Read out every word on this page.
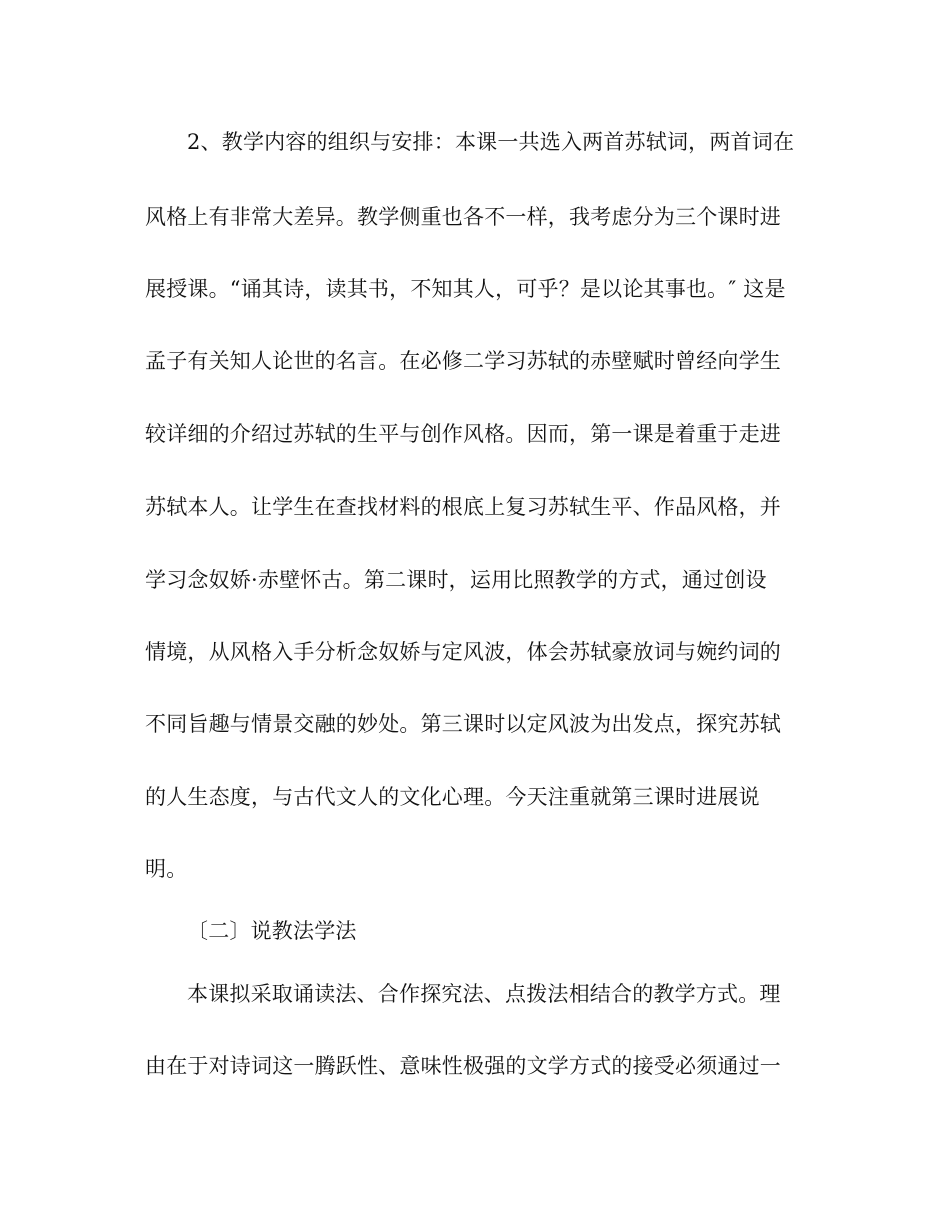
2、教学内容的组织与安排：本课一共选入两首苏轼词，两首词在
风格上有非常大差异。教学侧重也各不一样，我考虑分为三个课时进
展授课。“诵其诗，读其书，不知其人，可乎？是以论其事也。″ 这是
孟子有关知人论世的名言。在必修二学习苏轼的赤壁赋时曾经向学生
较详细的介绍过苏轼的生平与创作风格。因而，第一课是着重于走进
苏轼本人。让学生在查找材料的根底上复习苏轼生平、作品风格，并
学习念奴娇·赤壁怀古。第二课时，运用比照教学的方式，通过创设
情境，从风格入手分析念奴娇与定风波，体会苏轼豪放词与婉约词的
不同旨趣与情景交融的妙处。第三课时以定风波为出发点，探究苏轼
的人生态度，与古代文人的文化心理。今天注重就第三课时进展说
明。
〔二〕说教法学法
本课拟采取诵读法、合作探究法、点拨法相结合的教学方式。理
由在于对诗词这一腾跃性、意味性极强的文学方式的接受必须通过一
